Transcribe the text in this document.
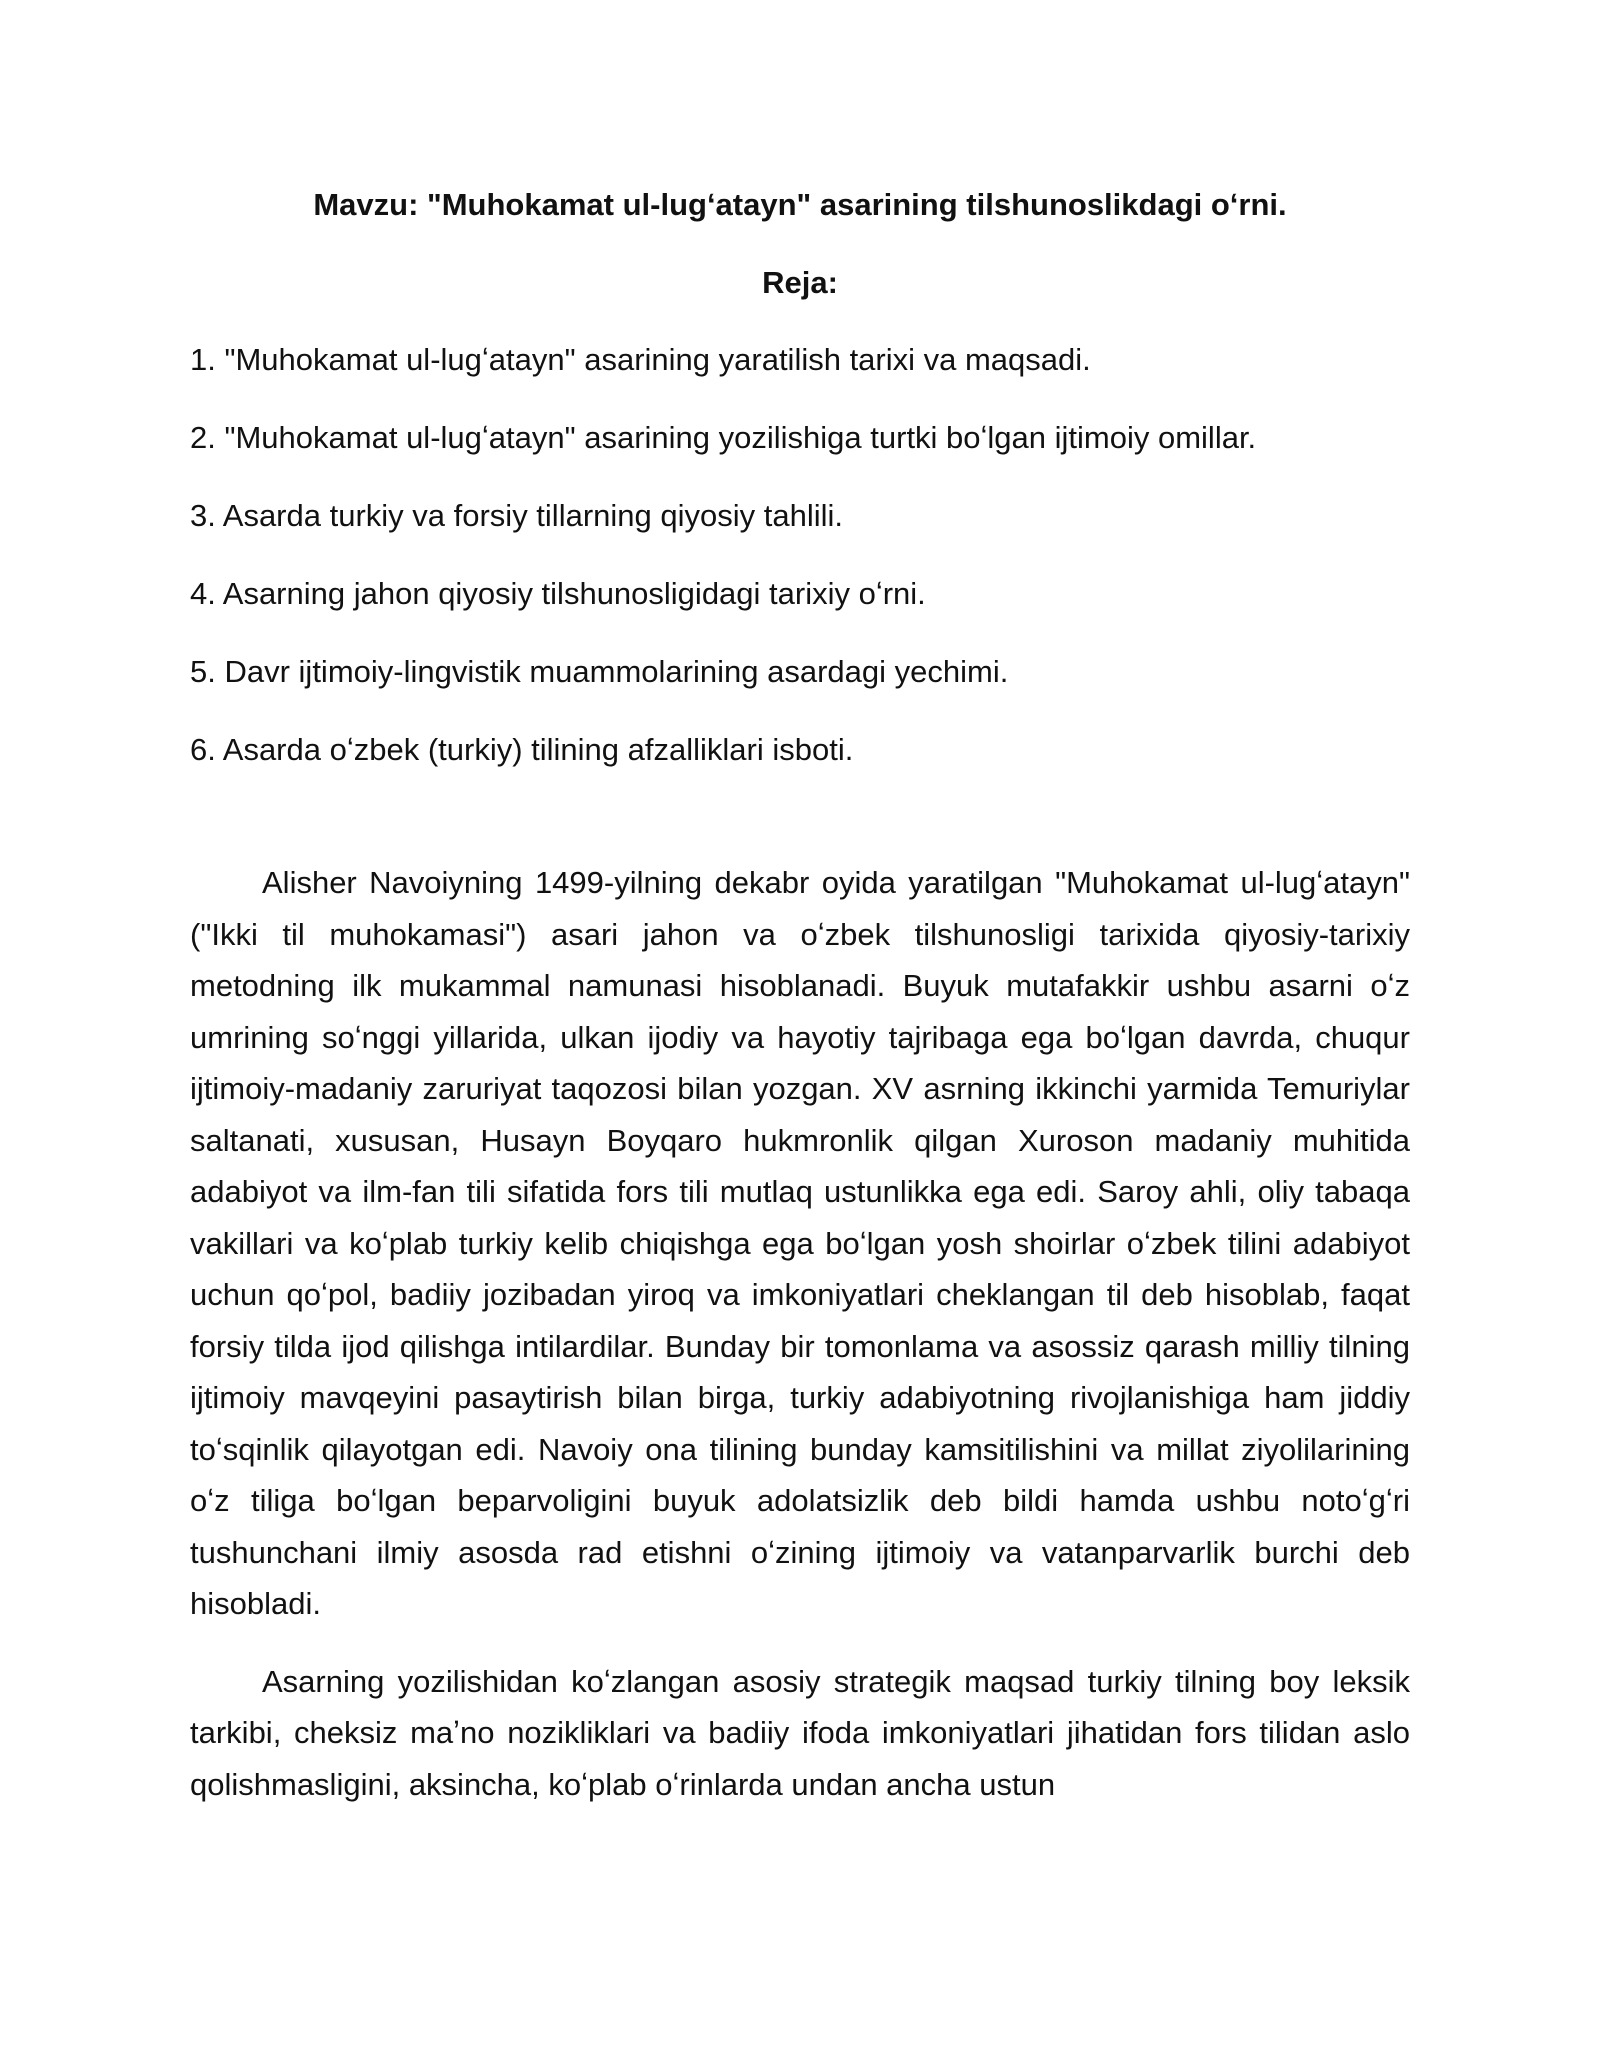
Mavzu: "Muhokamat ul-lugʻatayn" asarining tilshunoslikdagi oʻrni.
Reja:
1. "Muhokamat ul-lugʻatayn" asarining yaratilish tarixi va maqsadi.
2. "Muhokamat ul-lugʻatayn" asarining yozilishiga turtki boʻlgan ijtimoiy omillar.
3. Asarda turkiy va forsiy tillarning qiyosiy tahlili.
4. Asarning jahon qiyosiy tilshunosligidagi tarixiy oʻrni.
5. Davr ijtimoiy-lingvistik muammolarining asardagi yechimi.
6. Asarda oʻzbek (turkiy) tilining afzalliklari isboti.

Alisher Navoiyning 1499-yilning dekabr oyida yaratilgan "Muhokamat ul-lugʻatayn" ("Ikki til muhokamasi") asari jahon va oʻzbek tilshunosligi tarixida qiyosiy-tarixiy metodning ilk mukammal namunasi hisoblanadi. Buyuk mutafakkir ushbu asarni oʻz umrining soʻnggi yillarida, ulkan ijodiy va hayotiy tajribaga ega boʻlgan davrda, chuqur ijtimoiy-madaniy zaruriyat taqozosi bilan yozgan. XV asrning ikkinchi yarmida Temuriylar saltanati, xususan, Husayn Boyqaro hukmronlik qilgan Xuroson madaniy muhitida adabiyot va ilm-fan tili sifatida fors tili mutlaq ustunlikka ega edi. Saroy ahli, oliy tabaqa vakillari va koʻplab turkiy kelib chiqishga ega boʻlgan yosh shoirlar oʻzbek tilini adabiyot uchun qoʻpol, badiiy jozibadan yiroq va imkoniyatlari cheklangan til deb hisoblab, faqat forsiy tilda ijod qilishga intilardilar. Bunday bir tomonlama va asossiz qarash milliy tilning ijtimoiy mavqeyini pasaytirish bilan birga, turkiy adabiyotning rivojlanishiga ham jiddiy toʻsqinlik qilayotgan edi. Navoiy ona tilining bunday kamsitilishini va millat ziyolilarining oʻz tiliga boʻlgan beparvoligini buyuk adolatsizlik deb bildi hamda ushbu notoʻgʻri tushunchani ilmiy asosda rad etishni oʻzining ijtimoiy va vatanparvarlik burchi deb hisobladi.

Asarning yozilishidan koʻzlangan asosiy strategik maqsad turkiy tilning boy leksik tarkibi, cheksiz maʼno nozikliklari va badiiy ifoda imkoniyatlari jihatidan fors tilidan aslo qolishmasligini, aksincha, koʻplab oʻrinlarda undan ancha ustun
